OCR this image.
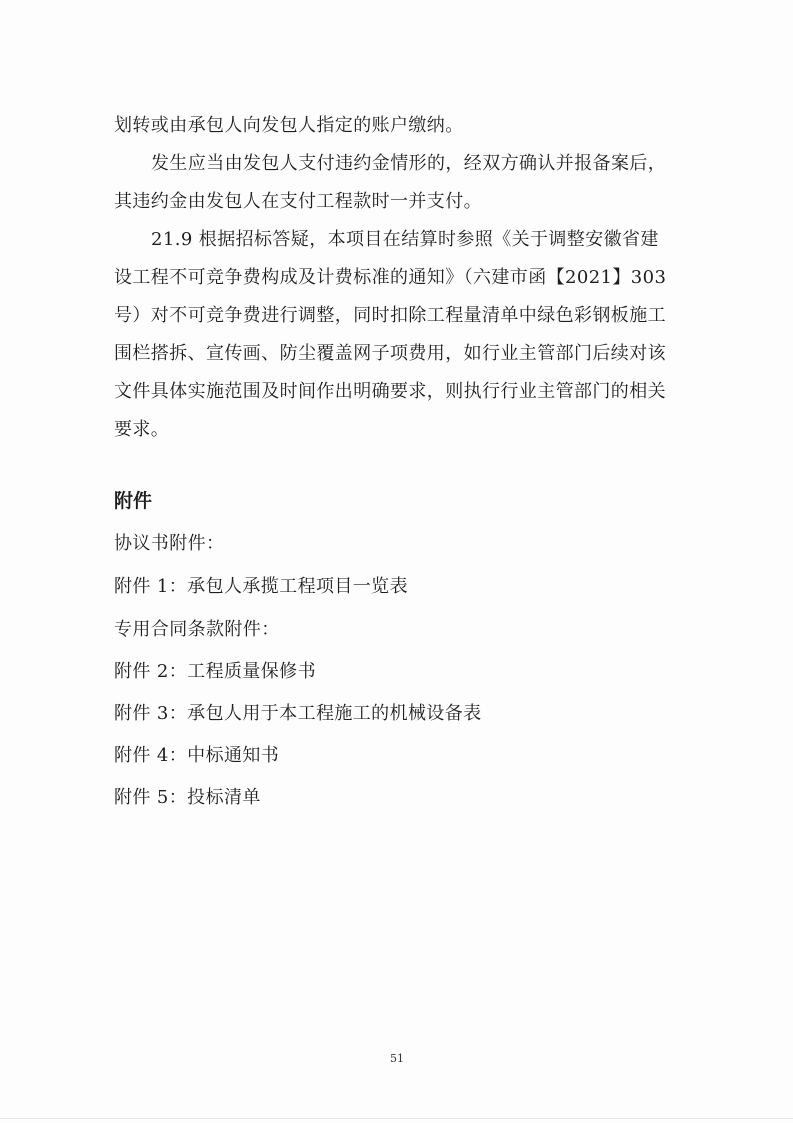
划转或由承包人向发包人指定的账户缴纳。
发生应当由发包人支付违约金情形的，经双方确认并报备案后，
其违约金由发包人在支付工程款时一并支付。
21.9 根据招标答疑，本项目在结算时参照《关于调整安徽省建
设工程不可竞争费构成及计费标准的通知》（六建市函【2021】303
号）对不可竞争费进行调整，同时扣除工程量清单中绿色彩钢板施工
围栏搭拆、宣传画、防尘覆盖网子项费用，如行业主管部门后续对该
文件具体实施范围及时间作出明确要求，则执行行业主管部门的相关
要求。
附件
协议书附件：
附件 1：承包人承揽工程项目一览表
专用合同条款附件：
附件 2：工程质量保修书
附件 3：承包人用于本工程施工的机械设备表
附件 4：中标通知书
附件 5：投标清单
51
